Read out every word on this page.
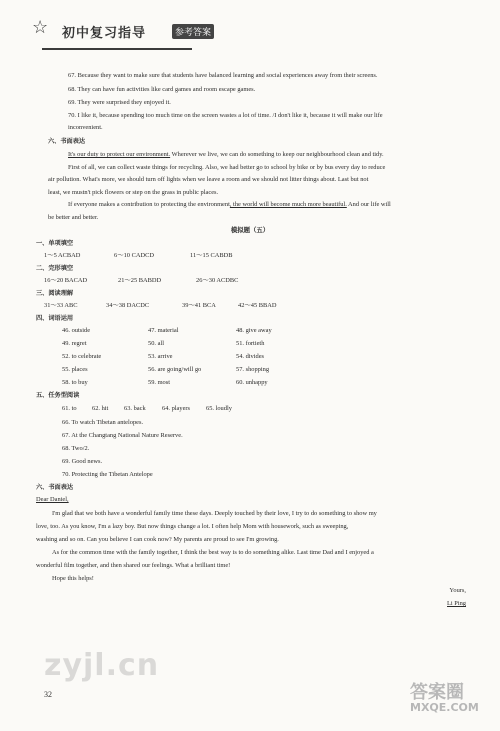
☆ 初中复习指导	参考答案
67. Because they want to make sure that students have balanced learning and social experiences away from their screens.
68. They can have fun activities like card games and room escape games.
69. They were surprised they enjoyed it.
70. I like it, because spending too much time on the screen wastes a lot of time. /I don't like it, because it will make our life
inconvenient.
六、书面表达
It's our duty to protect our environment. Wherever we live, we can do something to keep our neighbourhood clean and tidy.
First of all, we can collect waste things for recycling. Also, we had better go to school by bike or by bus every day to reduce
air pollution. What's more, we should turn off lights when we leave a room and we should not litter things about. Last but not
least, we mustn't pick flowers or step on the grass in public places.
If everyone makes a contribution to protecting the environment, the world will become much more beautiful. And our life will
be better and better.
模拟题（五）
一、单项填空
1～5 ACBAD	6～10 CADCD	11～15 CABDB
二、完形填空
16～20 BACAD	21～25 BABDD	26～30 ACDBC
三、阅读理解
31～33 ABC	34～38 DACDC	39～41 BCA	42～45 BBAD
四、词语运用
46. outside	47. material	48. give away
49. regret	50. all	51. fortieth
52. to celebrate	53. arrive	54. divides
55. places	56. are going/will go	57. shopping
58. to buy	59. most	60. unhappy
五、任务型阅读
61. to 62. hit 63. back	64. players 65. loudly
66. To watch Tibetan antelopes.
67. At the Changtang National Nature Reserve.
68. Two/2.
69. Good news.
70. Protecting the Tibetan Antelope
六、书面表达
Dear Daniel,
I'm glad that we both have a wonderful family time these days. Deeply touched by their love, I try to do something to show my
love, too. As you know, I'm a lazy boy. But now things change a lot. I often help Mom with housework, such as sweeping,
washing and so on. Can you believe I can cook now? My parents are proud to see I'm growing.
As for the common time with the family together, I think the best way is to do something alike. Last time Dad and I enjoyed a
wonderful film together, and then shared our feelings. What a brilliant time!
Hope this helps!
Yours,
Li Ping
zyjl.cn
32	答案圈
MXQE.COM
